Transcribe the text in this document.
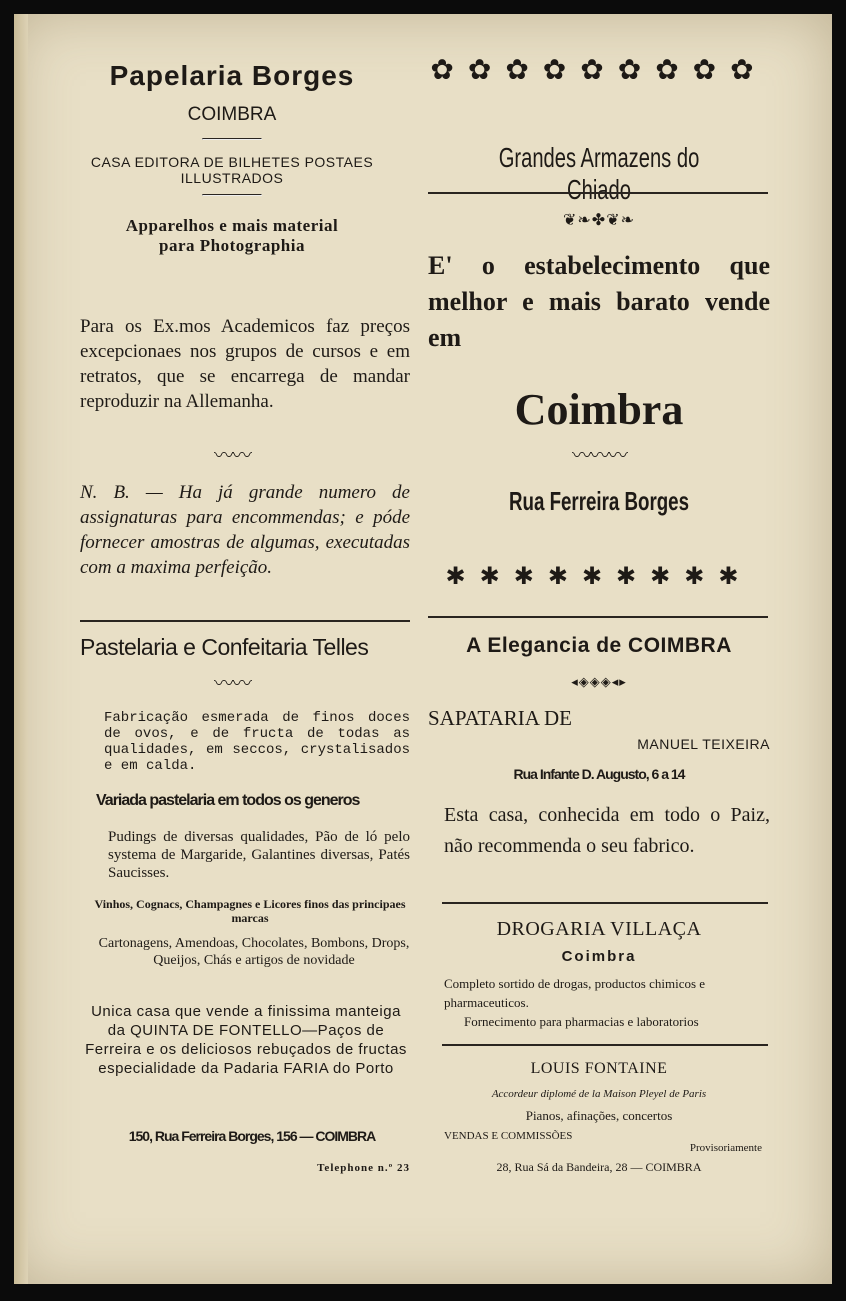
Papelaria Borges
COIMBRA
CASA EDITORA DE BILHETES POSTAES
ILLUSTRADOS
Apparelhos e mais material
para Photographia

Para os Ex.mos Academicos faz preços excepcionaes nos grupos de cursos e em retratos, que se encarrega de mandar reproduzir na Allemanha.

〰〰

N. B. — Ha já grande numero de assignaturas para encommendas; e póde fornecer amostras de algumas, executadas com a maxima perfeição.

Pastelaria e Confeitaria Telles
〰〰

Fabricação esmerada de finos doces de ovos, e de fructa de todas as qualidades, em seccos, crystalisados e em calda.

Variada pastelaria em todos os generos

Pudings de diversas qualidades, Pão de ló pelo systema de Margaride, Galantines diversas, Patés Saucisses.

Vinhos, Cognacs, Champagnes e Licores finos das principaes marcas

Cartonagens, Amendoas, Chocolates, Bombons, Drops, Queijos, Chás e artigos de novidade

Unica casa que vende a finissima manteiga da QUINTA DE FONTELLO—Paços de Ferreira e os deliciosos rebuçados de fructas especialidade da Padaria FARIA do Porto

150, Rua Ferreira Borges, 156 — COIMBRA
Telephone n.º 23
✿✿✿✿✿✿✿✿✿
Grandes Armazens do Chiado
❦❧✤❦❧

E' o estabelecimento que melhor e mais barato vende em

Coimbra
〰〰〰
Rua Ferreira Borges
✱✱✱✱✱✱✱✱✱
A Elegancia de COIMBRA
◂◈◈◈◂▸
SAPATARIA DE
MANUEL TEIXEIRA
Rua Infante D. Augusto, 6 a 14

Esta casa, conhecida em todo o Paiz, não recommenda o seu fabrico.

DROGARIA VILLAÇA
Coimbra

Completo sortido de drogas, productos chimicos e pharmaceuticos.

Fornecimento para pharmacias e laboratorios

LOUIS FONTAINE
Accordeur diplomé de la Maison Pleyel de Paris
Pianos, afinações, concertos
VENDAS E COMMISSÕES
Provisoriamente
28, Rua Sá da Bandeira, 28 — COIMBRA
